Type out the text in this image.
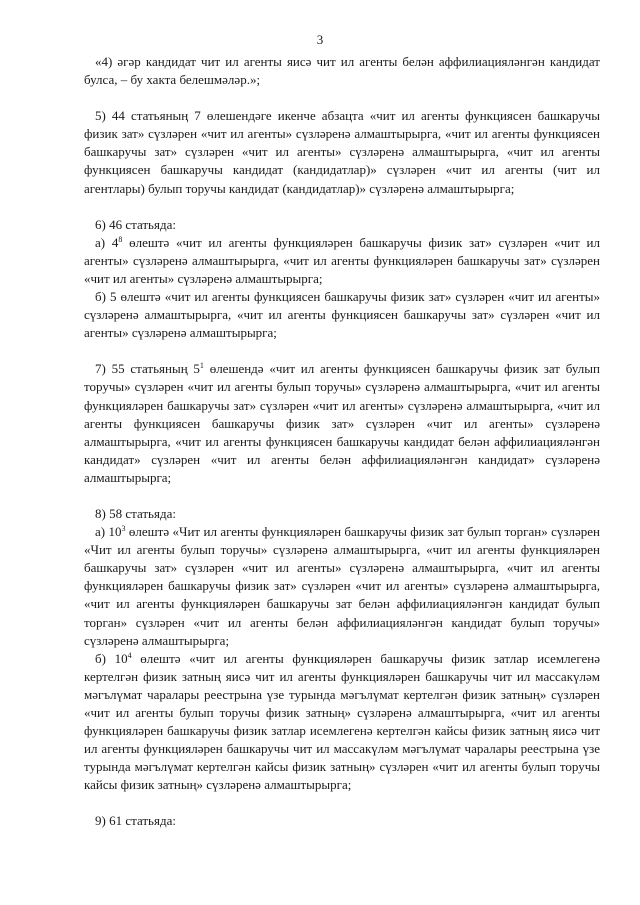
3

«4) әгәр кандидат чит ил агенты яисә чит ил агенты белән аффилиацияләнгән кандидат булса, – бу хакта белешмәләр.»;

5) 44 статьяның 7 өлешендәге икенче абзацта «чит ил агенты функциясен башкаручы физик зат» сүзләрен «чит ил агенты» сүзләренә алмаштырырга, «чит ил агенты функциясен башкаручы зат» сүзләрен «чит ил агенты» сүзләренә алмаштырырга, «чит ил агенты функциясен башкаручы кандидат (кандидатлар)» сүзләрен «чит ил агенты (чит ил агентлары) булып торучы кандидат (кандидатлар)» сүзләренә алмаштырырга;

6) 46 статьяда:

а) $4^8$ өлештә «чит ил агенты функцияләрен башкаручы физик зат» сүзләрен «чит ил агенты» сүзләренә алмаштырырга, «чит ил агенты функцияләрен башкаручы зат» сүзләрен «чит ил агенты» сүзләренә алмаштырырга;

б) 5 өлештә «чит ил агенты функциясен башкаручы физик зат» сүзләрен «чит ил агенты» сүзләренә алмаштырырга, «чит ил агенты функциясен башкаручы зат» сүзләрен «чит ил агенты» сүзләренә алмаштырырга;

7) 55 статьяның $5^1$ өлешендә «чит ил агенты функциясен башкаручы физик зат булып торучы» сүзләрен «чит ил агенты булып торучы» сүзләренә алмаштырырга, «чит ил агенты функцияләрен башкаручы зат» сүзләрен «чит ил агенты» сүзләренә алмаштырырга, «чит ил агенты функциясен башкаручы физик зат» сүзләрен «чит ил агенты» сүзләренә алмаштырырга, «чит ил агенты функциясен башкаручы кандидат белән аффилиацияләнгән кандидат» сүзләрен «чит ил агенты белән аффилиацияләнгән кандидат» сүзләренә алмаштырырга;

8) 58 статьяда:

а) $10^3$ өлештә «Чит ил агенты функцияләрен башкаручы физик зат булып торган» сүзләрен «Чит ил агенты булып торучы» сүзләренә алмаштырырга, «чит ил агенты функцияләрен башкаручы зат» сүзләрен «чит ил агенты» сүзләренә алмаштырырга, «чит ил агенты функцияләрен башкаручы физик зат» сүзләрен «чит ил агенты» сүзләренә алмаштырырга, «чит ил агенты функцияләрен башкаручы зат белән аффилиацияләнгән кандидат булып торган» сүзләрен «чит ил агенты белән аффилиацияләнгән кандидат булып торучы» сүзләренә алмаштырырга;

б) $10^4$ өлештә «чит ил агенты функцияләрен башкаручы физик затлар исемлегенә кертелгән физик затның яисә чит ил агенты функцияләрен башкаручы чит ил массакүләм мәгълүмат чаралары реестрына үзе турында мәгълүмат кертелгән физик затның» сүзләрен «чит ил агенты булып торучы физик затның» сүзләренә алмаштырырга, «чит ил агенты функцияләрен башкаручы физик затлар исемлегенә кертелгән кайсы физик затның яисә чит ил агенты функцияләрен башкаручы чит ил массакүләм мәгълүмат чаралары реестрына үзе турында мәгълүмат кертелгән кайсы физик затның» сүзләрен «чит ил агенты булып торучы кайсы физик затның» сүзләренә алмаштырырга;

9) 61 статьяда:
